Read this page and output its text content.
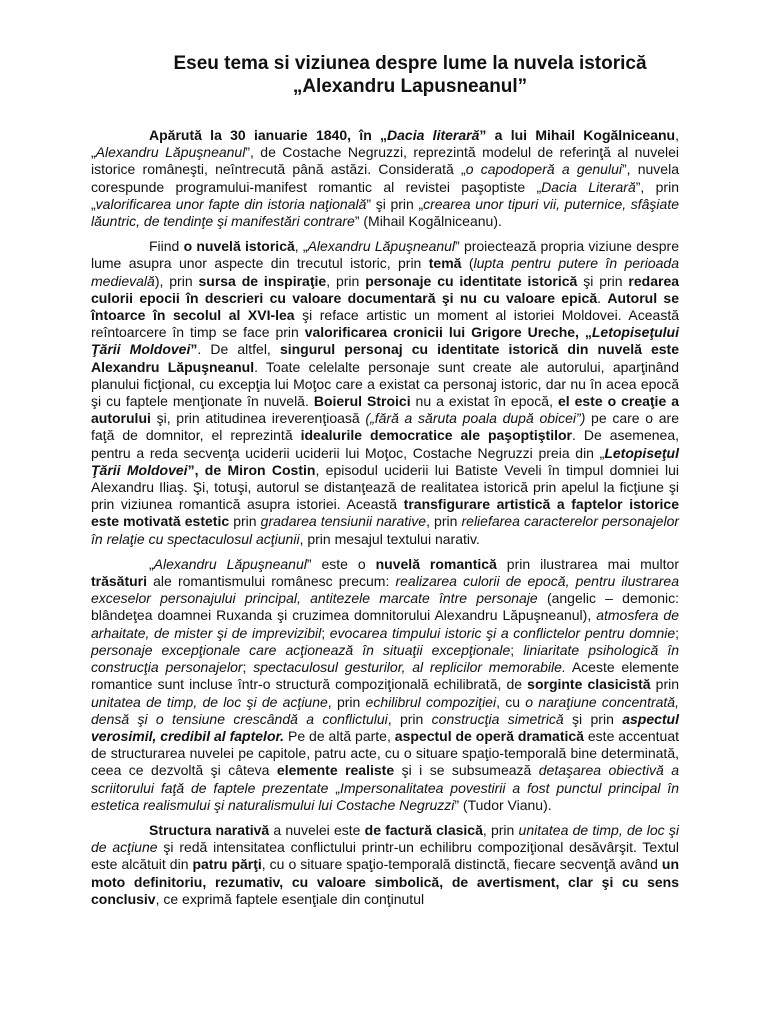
Eseu tema si viziunea despre lume la nuvela istorică
„Alexandru Lapusneanul”

Apărută la 30 ianuarie 1840, în „Dacia literară” a lui Mihail Kogălniceanu, „Alexandru Lăpuşneanul”, de Costache Negruzzi, reprezintă modelul de referinţă al nuvelei istorice româneşti, neîntrecută până astăzi. Considerată „o capodoperă a genului”, nuvela corespunde programului-manifest romantic al revistei paşoptiste „Dacia Literară”, prin „valorificarea unor fapte din istoria naţională” şi prin „crearea unor tipuri vii, puternice, sfâşiate lăuntric, de tendinţe şi manifestări contrare” (Mihail Kogălniceanu).

Fiind o nuvelă istorică, „Alexandru Lăpuşneanul” proiectează propria viziune despre lume asupra unor aspecte din trecutul istoric, prin temă (lupta pentru putere în perioada medievală), prin sursa de inspiraţie, prin personaje cu identitate istorică şi prin redarea culorii epocii în descrieri cu valoare documentară şi nu cu valoare epică. Autorul se întoarce în secolul al XVI-lea şi reface artistic un moment al istoriei Moldovei. Această reîntoarcere în timp se face prin valorificarea cronicii lui Grigore Ureche, „Letopiseţului Ţării Moldovei”. De altfel, singurul personaj cu identitate istorică din nuvelă este Alexandru Lăpuşneanul. Toate celelalte personaje sunt create ale autorului, aparţinând planului ficţional, cu excepţia lui Moţoc care a existat ca personaj istoric, dar nu în acea epocă şi cu faptele menţionate în nuvelă. Boierul Stroici nu a existat în epocă, el este o creaţie a autorului şi, prin atitudinea ireverenţioasă („fără a săruta poala după obicei”) pe care o are faţă de domnitor, el reprezintă idealurile democratice ale paşoptiştilor. De asemenea, pentru a reda secvenţa uciderii uciderii lui Moţoc, Costache Negruzzi preia din „Letopiseţul Ţării Moldovei”, de Miron Costin, episodul uciderii lui Batiste Veveli în timpul domniei lui Alexandru Iliaş. Şi, totuşi, autorul se distanţează de realitatea istorică prin apelul la ficţiune şi prin viziunea romantică asupra istoriei. Această transfigurare artistică a faptelor istorice este motivată estetic prin gradarea tensiunii narative, prin reliefarea caracterelor personajelor în relaţie cu spectaculosul acţiunii, prin mesajul textului narativ.

„Alexandru Lăpuşneanul” este o nuvelă romantică prin ilustrarea mai multor trăsături ale romantismului românesc precum: realizarea culorii de epocă, pentru ilustrarea exceselor personajului principal, antitezele marcate între personaje (angelic – demonic: blândeţea doamnei Ruxanda şi cruzimea domnitorului Alexandru Lăpuşneanul), atmosfera de arhaitate, de mister şi de imprevizibil; evocarea timpului istoric şi a conflictelor pentru domnie; personaje excepţionale care acţionează în situaţii excepţionale; liniaritate psihologică în construcţia personajelor; spectaculosul gesturilor, al replicilor memorabile. Aceste elemente romantice sunt incluse într-o structură compoziţională echilibrată, de sorginte clasicistă prin unitatea de timp, de loc şi de acţiune, prin echilibrul compoziţiei, cu o naraţiune concentrată, densă şi o tensiune crescândă a conflictului, prin construcţia simetrică şi prin aspectul verosimil, credibil al faptelor. Pe de altă parte, aspectul de operă dramatică este accentuat de structurarea nuvelei pe capitole, patru acte, cu o situare spaţio-temporală bine determinată, ceea ce dezvoltă şi câteva elemente realiste şi i se subsumează detaşarea obiectivă a scriitorului faţă de faptele prezentate „Impersonalitatea povestirii a fost punctul principal în estetica realismului şi naturalismului lui Costache Negruzzi” (Tudor Vianu).

Structura narativă a nuvelei este de factură clasică, prin unitatea de timp, de loc şi de acţiune şi redă intensitatea conflictului printr-un echilibru compoziţional desăvârşit. Textul este alcătuit din patru părţi, cu o situare spaţio-temporală distinctă, fiecare secvenţă având un moto definitoriu, rezumativ, cu valoare simbolică, de avertisment, clar şi cu sens conclusiv, ce exprimă faptele esenţiale din conţinutul
